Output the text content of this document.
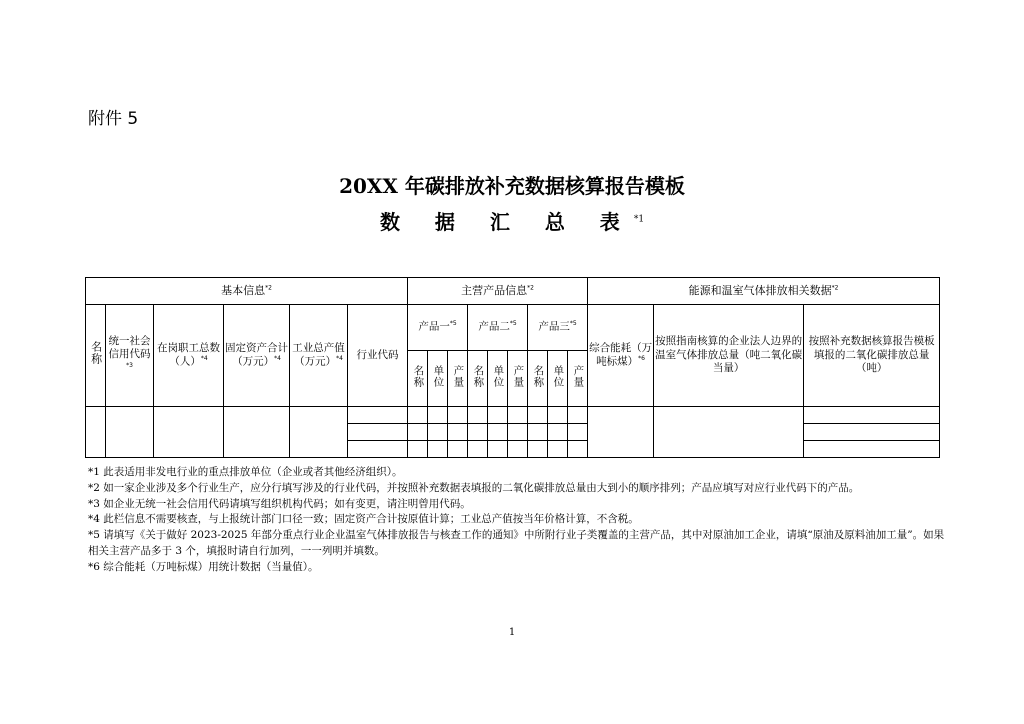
附件 5
20XX 年碳排放补充数据核算报告模板
数 据 汇 总 表$^{*1}$
基本信息$^{*2}$						主营产品信息$^{*2}$									能源和温室气体排放相关数据$^{*2}$
名称	统一社会信用代码$^{*3}$	在岗职工总数（人）$^{*4}$	固定资产合计（万元）$^{*4}$	工业总产值（万元）$^{*4}$	行业代码	产品一$^{*5}$			产品二$^{*5}$			产品三$^{*5}$			综合能耗（万吨标煤）$^{*6}$	按照指南核算的企业法人边界的温室气体排放总量（吨二氧化碳当量）	按照补充数据核算报告模板填报的二氧化碳排放总量（吨）
						名称	单位	产量	名称	单位	产量	名称	单位	产量			

*1 此表适用非发电行业的重点排放单位（企业或者其他经济组织）。
*2 如一家企业涉及多个行业生产，应分行填写涉及的行业代码，并按照补充数据表填报的二氧化碳排放总量由大到小的顺序排列；产品应填写对应行业代码下的产品。
*3 如企业无统一社会信用代码请填写组织机构代码；如有变更，请注明曾用代码。
*4 此栏信息不需要核查，与上报统计部门口径一致；固定资产合计按原值计算；工业总产值按当年价格计算，不含税。
*5 请填写《关于做好 2023-2025 年部分重点行业企业温室气体排放报告与核查工作的通知》中所附行业子类覆盖的主营产品，其中对原油加工企业，请填“原油及原料油加工量”。如果相关主营产品多于 3 个，填报时请自行加列，一一列明并填数。
*6 综合能耗（万吨标煤）用统计数据（当量值）。
1
